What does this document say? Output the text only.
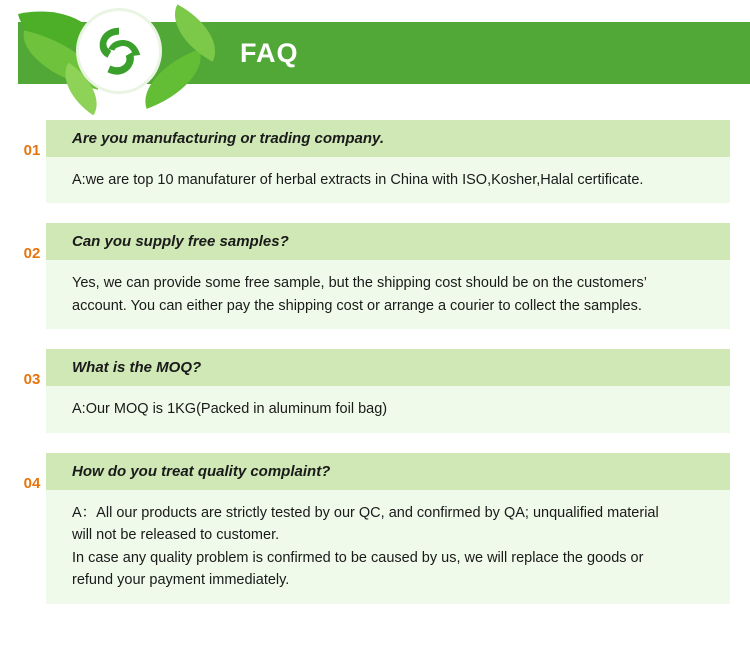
FAQ
01
Are you manufacturing or trading company.
A:we are top 10 manufaturer of herbal extracts in China with ISO,Kosher,Halal certificate.
02
Can you supply free samples?
Yes, we can provide some free sample, but the shipping cost should be on the customers’
account. You can either pay the shipping cost or arrange a courier to collect the samples.
03
What is the MOQ?
A:Our MOQ is 1KG(Packed in aluminum foil bag)
04
How do you treat quality complaint?
A：All our products are strictly tested by our QC, and confirmed by QA; unqualified material
will not be released to customer.
In case any quality problem is confirmed to be caused by us, we will replace the goods or
refund your payment immediately.
